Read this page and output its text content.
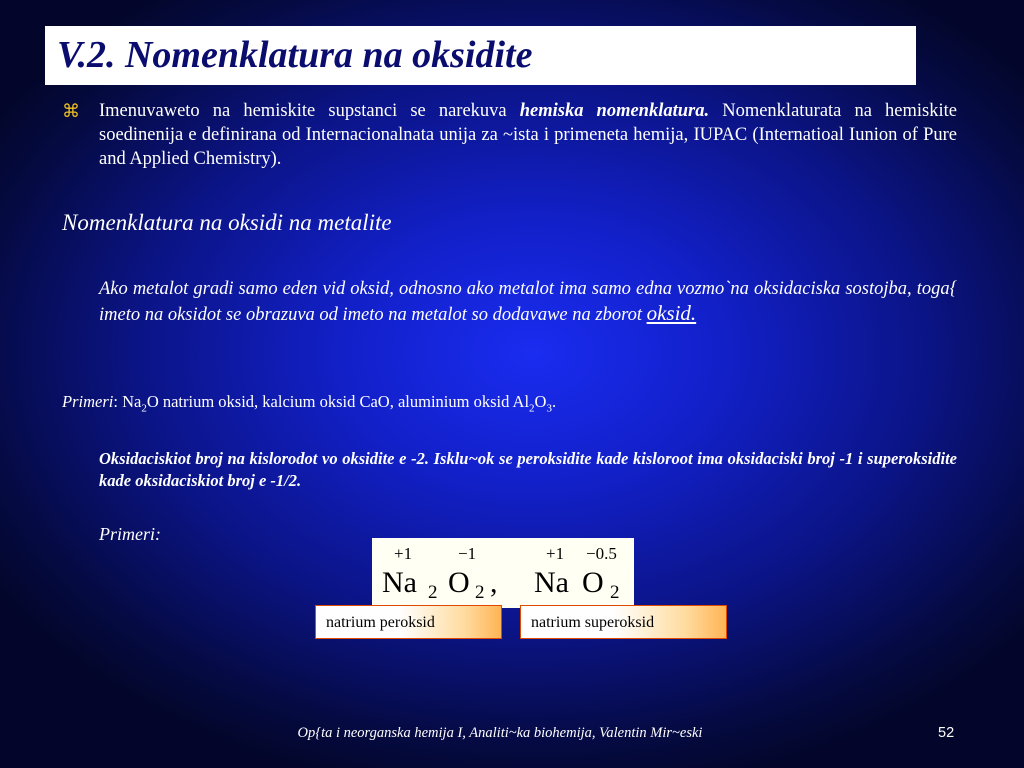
V.2. Nomenklatura na oksidite
⌘ Imenuvaweto na hemiskite supstanci se narekuva hemiska nomenklatura. Nomenklaturata na hemiskite soedinenija e definirana od Internacionalnata unija za ~ista i primeneta hemija, IUPAC (Internatioal Iunion of Pure and Applied Chemistry).
Nomenklatura na oksidi na metalite
Ako metalot gradi samo eden vid oksid, odnosno ako metalot ima samo edna vozmo`na oksidaciska sostojba, toga{ imeto na oksidot se obrazuva od imeto na metalot so dodavawe na zborot oksid.
Primeri: $Na_2O$ natrium oksid, kalcium oksid CaO, aluminium oksid $Al_2O_3$.
Oksidaciskiot broj na kislorodot vo oksidite e -2. Isklu~ok se peroksidite kade kisloroot ima oksidaciski broj -1 i superoksidite kade oksidaciskiot broj e -1/2.
Primeri:
+1	−1	+1 −0.5
Na 2 O 2 , Na O 2
natrium peroksid	natrium superoksid
Op{ta i neorganska hemija I, Analiti~ka biohemija, Valentin Mir~eski	52
